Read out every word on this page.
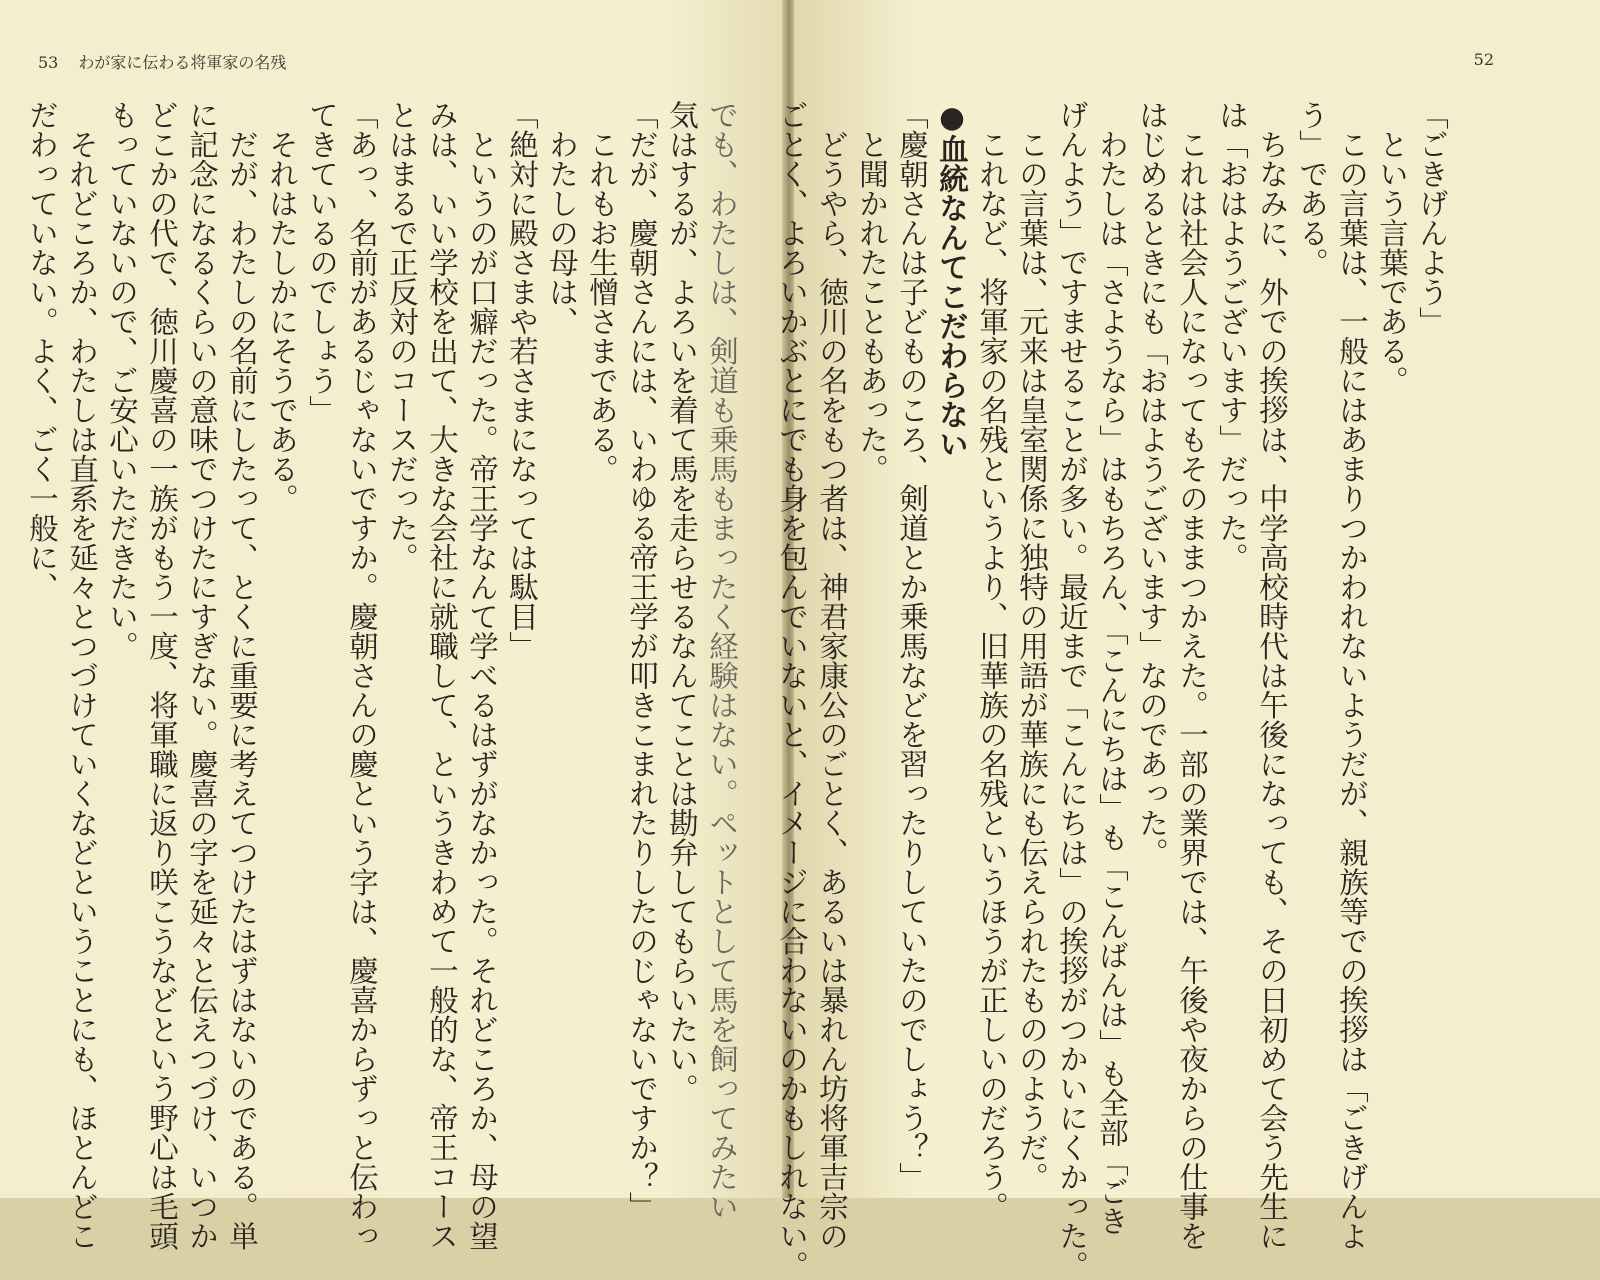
53 わが家に伝わる将軍家の名残
でも、わたしは、剣道も乗馬もまったく経験はない。ペットとして馬を飼ってみたい
気はするが、よろいを着て馬を走らせるなんてことは勘弁してもらいたい。
「だが、慶朝さんには、いわゆる帝王学が叩きこまれたりしたのじゃないですか？」
　これもお生憎さまである。
　わたしの母は、
「絶対に殿さまや若さまになっては駄目」
　というのが口癖だった。帝王学なんて学べるはずがなかった。それどころか、母の望
みは、いい学校を出て、大きな会社に就職して、というきわめて一般的な、帝王コース
とはまるで正反対のコースだった。
「あっ、名前があるじゃないですか。慶朝さんの慶という字は、慶喜からずっと伝わっ
てきているのでしょう」
　それはたしかにそうである。
　だが、わたしの名前にしたって、とくに重要に考えてつけたはずはないのである。単
に記念になるくらいの意味でつけたにすぎない。慶喜の字を延々と伝えつづけ、いつか
どこかの代で、徳川慶喜の一族がもう一度、将軍職に返り咲こうなどという野心は毛頭
もっていないので、ご安心いただきたい。
　それどころか、わたしは直系を延々とつづけていくなどということにも、ほとんどこ
だわっていない。よく、ごく一般に、
52
「ごきげんよう」
　という言葉である。
　この言葉は、一般にはあまりつかわれないようだが、親族等での挨拶は「ごきげんよ
う」である。
　ちなみに、外での挨拶は、中学高校時代は午後になっても、その日初めて会う先生に
は「おはようございます」だった。
　これは社会人になってもそのままつかえた。一部の業界では、午後や夜からの仕事を
はじめるときにも「おはようございます」なのであった。
　わたしは「さようなら」はもちろん、「こんにちは」も「こんばんは」も全部「ごき
げんよう」ですませることが多い。最近まで「こんにちは」の挨拶がつかいにくかった。
　この言葉は、元来は皇室関係に独特の用語が華族にも伝えられたもののようだ。
　これなど、将軍家の名残というより、旧華族の名残というほうが正しいのだろう。
●血統なんてこだわらない
「慶朝さんは子どものころ、剣道とか乗馬などを習ったりしていたのでしょう？」
　と聞かれたこともあった。
　どうやら、徳川の名をもつ者は、神君家康公のごとく、あるいは暴れん坊将軍吉宗の
ごとく、よろいかぶとにでも身を包んでいないと、イメージに合わないのかもしれない。
